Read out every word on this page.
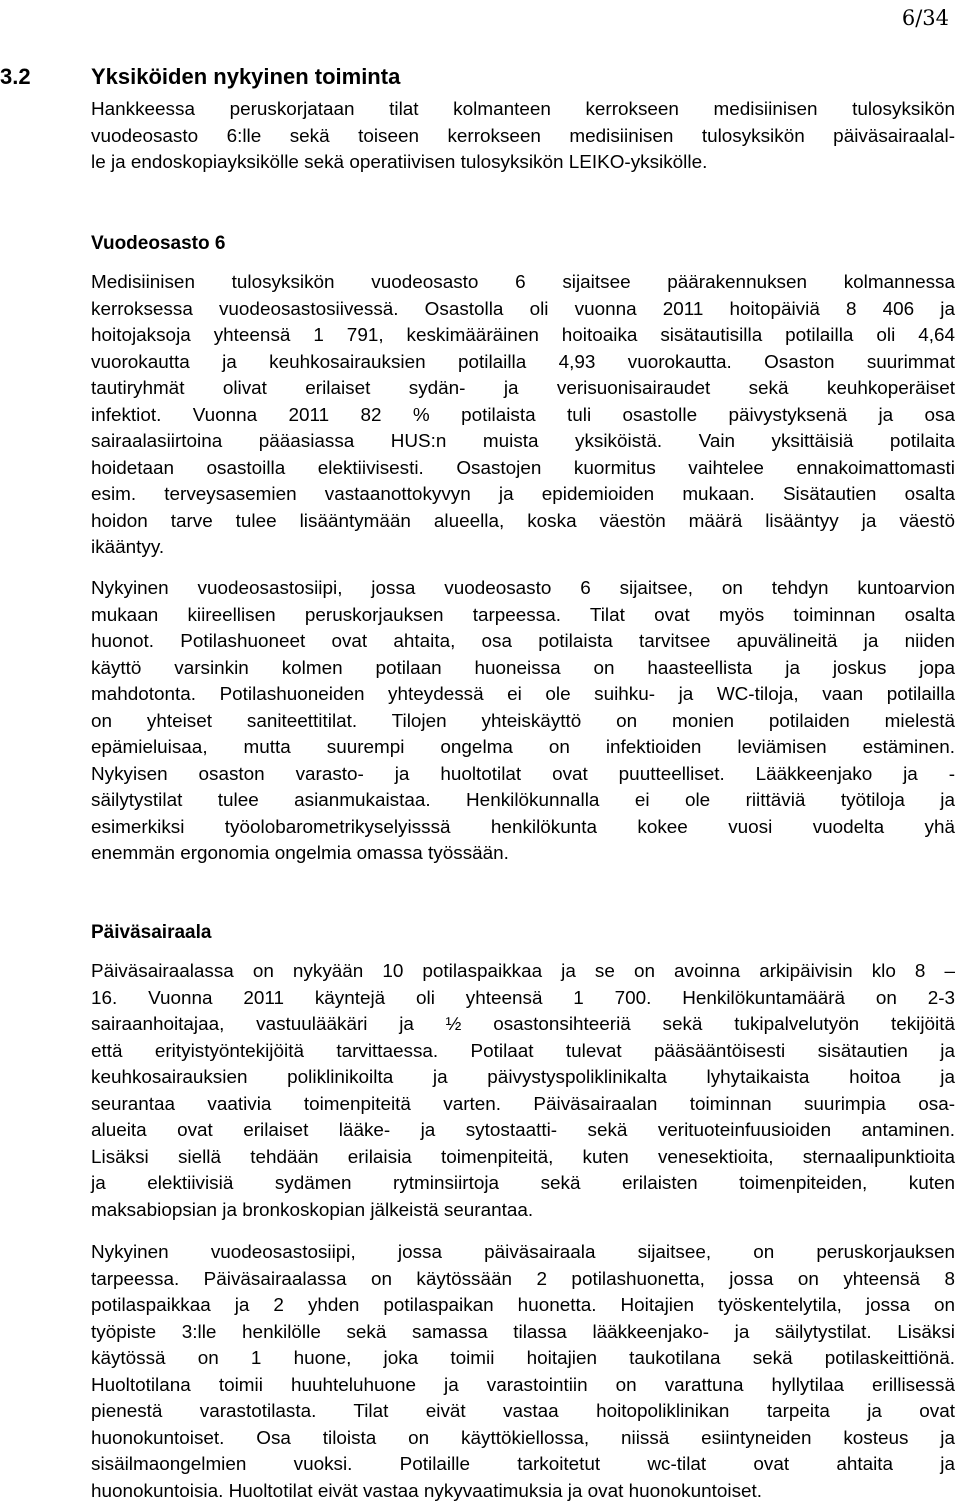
6/34
3.2	Yksiköiden nykyinen toiminta

Hankkeessa peruskorjataan tilat kolmanteen kerrokseen medisiinisen tulosyksikön
vuodeosasto 6:lle sekä toiseen kerrokseen medisiinisen tulosyksikön päiväsairaalal-
le ja endoskopiayksikölle sekä operatiivisen tulosyksikön LEIKO-yksikölle.

Vuodeosasto 6

Medisiinisen tulosyksikön vuodeosasto 6 sijaitsee päärakennuksen kolmannessa
kerroksessa vuodeosastosiivessä. Osastolla oli vuonna 2011 hoitopäiviä 8 406 ja
hoitojaksoja yhteensä 1 791, keskimääräinen hoitoaika sisätautisilla potilailla oli 4,64
vuorokautta ja keuhkosairauksien potilailla 4,93 vuorokautta. Osaston suurimmat
tautiryhmät olivat erilaiset sydän- ja verisuonisairaudet sekä keuhkoperäiset
infektiot. Vuonna 2011 82 % potilaista tuli osastolle päivystyksenä ja osa
sairaalasiirtoina pääasiassa HUS:n muista yksiköistä. Vain yksittäisiä potilaita
hoidetaan osastoilla elektiivisesti. Osastojen kuormitus vaihtelee ennakoimattomasti
esim. terveysasemien vastaanottokyvyn ja epidemioiden mukaan. Sisätautien osalta
hoidon tarve tulee lisääntymään alueella, koska väestön määrä lisääntyy ja väestö
ikääntyy.

Nykyinen vuodeosastosiipi, jossa vuodeosasto 6 sijaitsee, on tehdyn kuntoarvion
mukaan kiireellisen peruskorjauksen tarpeessa. Tilat ovat myös toiminnan osalta
huonot. Potilashuoneet ovat ahtaita, osa potilaista tarvitsee apuvälineitä ja niiden
käyttö varsinkin kolmen potilaan huoneissa on haasteellista ja joskus jopa
mahdotonta. Potilashuoneiden yhteydessä ei ole suihku- ja WC-tiloja, vaan potilailla
on yhteiset saniteettitilat. Tilojen yhteiskäyttö on monien potilaiden mielestä
epämieluisaa, mutta suurempi ongelma on infektioiden leviämisen estäminen.
Nykyisen osaston varasto- ja huoltotilat ovat puutteelliset. Lääkkeenjako ja -
säilytystilat tulee asianmukaistaa. Henkilökunnalla ei ole riittäviä työtiloja ja
esimerkiksi työolobarometrikyselyisssä henkilökunta kokee vuosi vuodelta yhä
enemmän ergonomia ongelmia omassa työssään.

Päiväsairaala

Päiväsairaalassa on nykyään 10 potilaspaikkaa ja se on avoinna arkipäivisin klo 8 –
16. Vuonna 2011 käyntejä oli yhteensä 1 700. Henkilökuntamäärä on 2-3
sairaanhoitajaa, vastuulääkäri ja ½ osastonsihteeriä sekä tukipalvelutyön tekijöitä
että erityistyöntekijöitä tarvittaessa. Potilaat tulevat pääsääntöisesti sisätautien ja
keuhkosairauksien poliklinikoilta ja päivystyspoliklinikalta lyhytaikaista hoitoa ja
seurantaa vaativia toimenpiteitä varten. Päiväsairaalan toiminnan suurimpia osa-
alueita ovat erilaiset lääke- ja sytostaatti- sekä verituoteinfuusioiden antaminen.
Lisäksi siellä tehdään erilaisia toimenpiteitä, kuten venesektioita, sternaalipunktioita
ja elektiivisiä sydämen rytminsiirtoja sekä erilaisten toimenpiteiden, kuten
maksabiopsian ja bronkoskopian jälkeistä seurantaa.

Nykyinen vuodeosastosiipi, jossa päiväsairaala sijaitsee, on peruskorjauksen
tarpeessa. Päiväsairaalassa on käytössään 2 potilashuonetta, jossa on yhteensä 8
potilaspaikkaa ja 2 yhden potilaspaikan huonetta. Hoitajien työskentelytila, jossa on
työpiste 3:lle henkilölle sekä samassa tilassa lääkkeenjako- ja säilytystilat. Lisäksi
käytössä on 1 huone, joka toimii hoitajien taukotilana sekä potilaskeittiönä.
Huoltotilana toimii huuhteluhuone ja varastointiin on varattuna hyllytilaa erillisessä
pienestä varastotilasta. Tilat eivät vastaa hoitopoliklinikan tarpeita ja ovat
huonokuntoiset. Osa tiloista on käyttökiellossa, niissä esiintyneiden kosteus ja
sisäilmaongelmien vuoksi. Potilaille tarkoitetut wc-tilat ovat ahtaita ja
huonokuntoisia. Huoltotilat eivät vastaa nykyvaatimuksia ja ovat huonokuntoiset.
